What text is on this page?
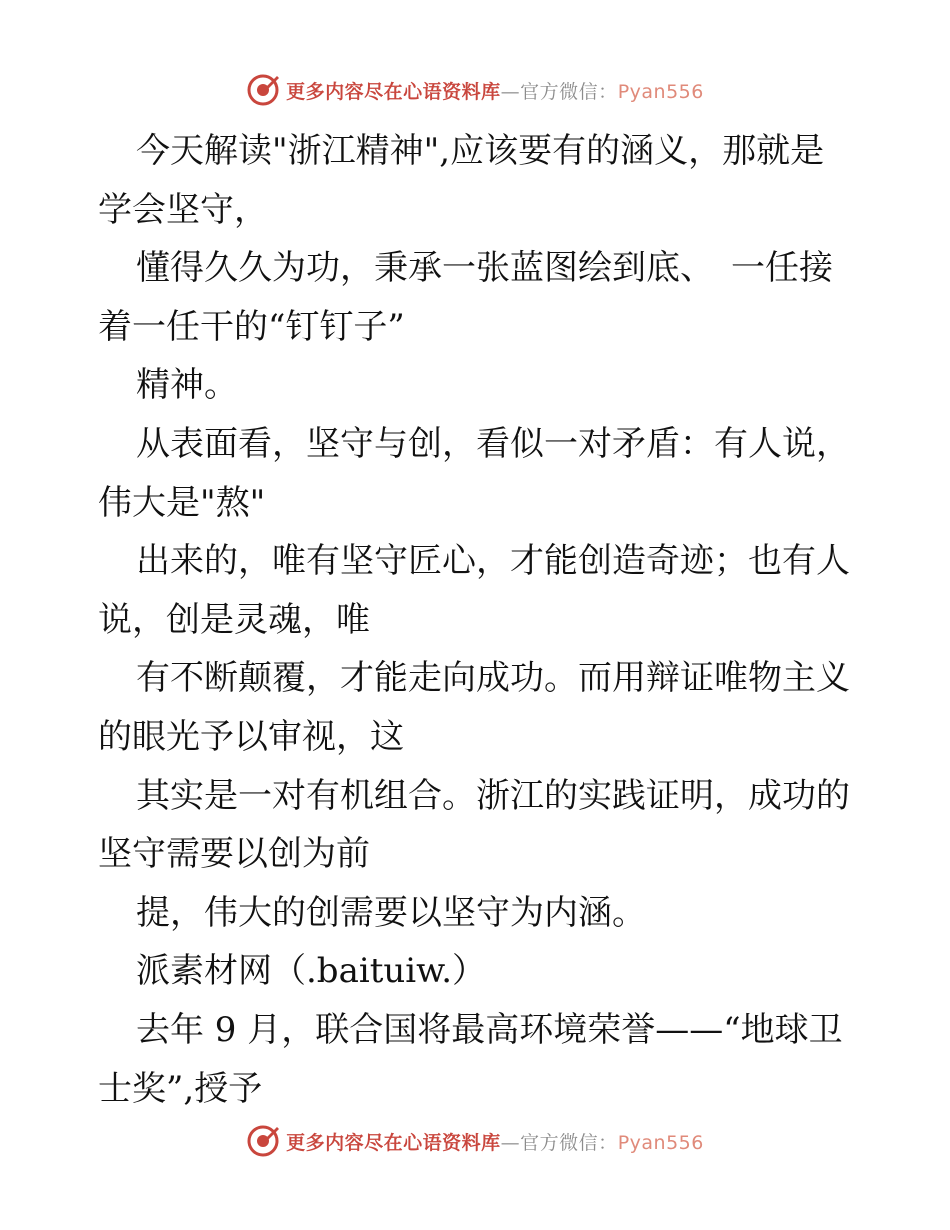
更多内容尽在心语资料库—官方微信：Pyan556

今天解读"浙江精神",应该要有的涵义，那就是学会坚守，

懂得久久为功，秉承一张蓝图绘到底、　一任接着一任干的“钉钉子”

精神。

从表面看，坚守与创，看似一对矛盾：有人说，伟大是"熬"

出来的，唯有坚守匠心，才能创造奇迹；也有人说，创是灵魂，唯

有不断颠覆，才能走向成功。而用辩证唯物主义的眼光予以审视，这

其实是一对有机组合。浙江的实践证明，成功的坚守需要以创为前

提，伟大的创需要以坚守为内涵。

派素材网（.baituiw.）

去年 9 月，联合国将最高环境荣誉——“地球卫士奖”,授予

更多内容尽在心语资料库—官方微信：Pyan556
